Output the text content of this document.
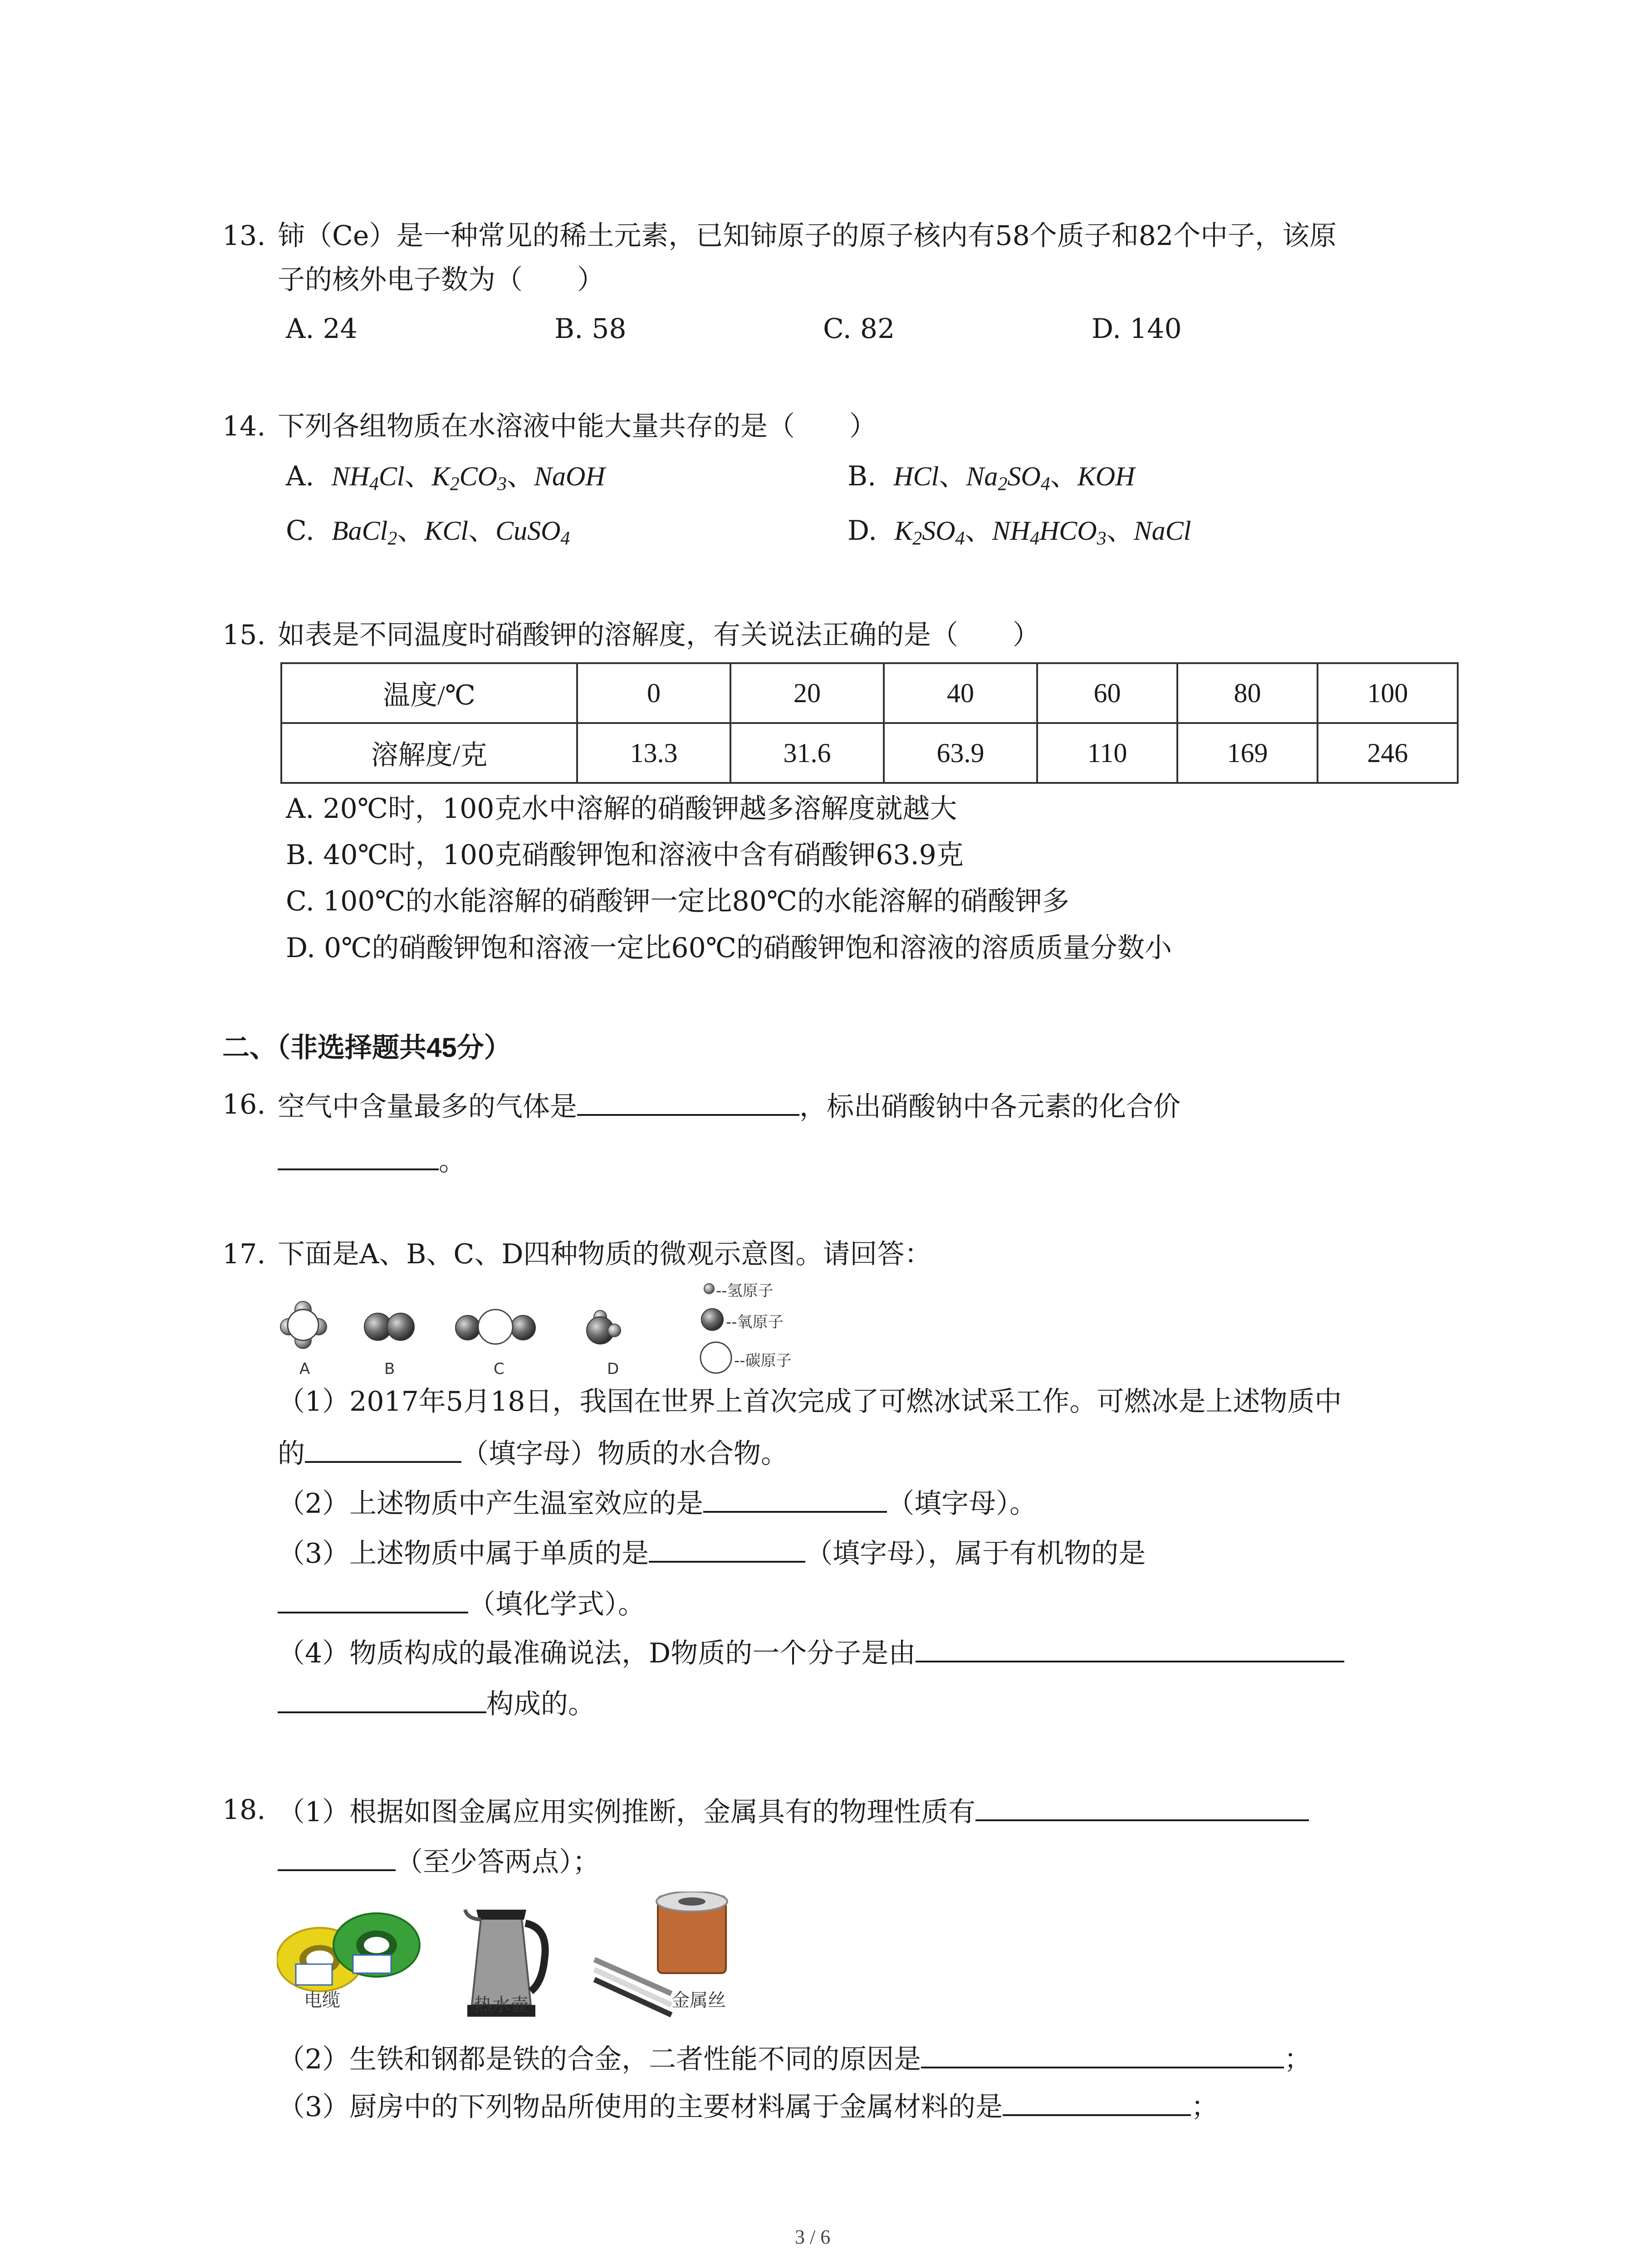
13. 铈（Ce）是一种常见的稀土元素，已知铈原子的原子核内有58个质子和82个中子，该原
子的核外电子数为（　　）
A. 24	B. 58	C. 82	D. 140
14. 下列各组物质在水溶液中能大量共存的是（　　）
A. $NH_4Cl$、$K_2CO_3$、NaOH	B. HCl、$Na_2SO_4$、KOH
C. BaCl$_2$、KCl、CuSO$_4$	D. $K_2SO_4$、$NH_4HCO_3$、NaCl
15. 如表是不同温度时硝酸钾的溶解度，有关说法正确的是（　　）
温度/℃	0	20	40	60	80	100
溶解度/克	13.3	31.6	63.9	110	169	246
A. 20℃时，100克水中溶解的硝酸钾越多溶解度就越大
B. 40℃时，100克硝酸钾饱和溶液中含有硝酸钾63.9克
C. 100℃的水能溶解的硝酸钾一定比80℃的水能溶解的硝酸钾多
D. 0℃的硝酸钾饱和溶液一定比60℃的硝酸钾饱和溶液的溶质质量分数小
二、（非选择题共45分）
16. 空气中含量最多的气体是	，标出硝酸钠中各元素的化合价
。
17. 下面是A、B、C、D四种物质的微观示意图。请回答：
--氢原子
--氧原子
--碳原子
A	B	C	D
（1）2017年5月18日，我国在世界上首次完成了可燃冰试采工作。可燃冰是上述物质中
的	（填字母）物质的水合物。
（2）上述物质中产生温室效应的是	（填字母）。
（3）上述物质中属于单质的是	（填字母），属于有机物的是
（填化学式）。
（4）物质构成的最准确说法，D物质的一个分子是由
构成的。
18. （1）根据如图金属应用实例推断，金属具有的物理性质有
（至少答两点）；
电缆	热水壶	金属丝
（2）生铁和钢都是铁的合金，二者性能不同的原因是	；
（3）厨房中的下列物品所使用的主要材料属于金属材料的是	；
3 / 6
